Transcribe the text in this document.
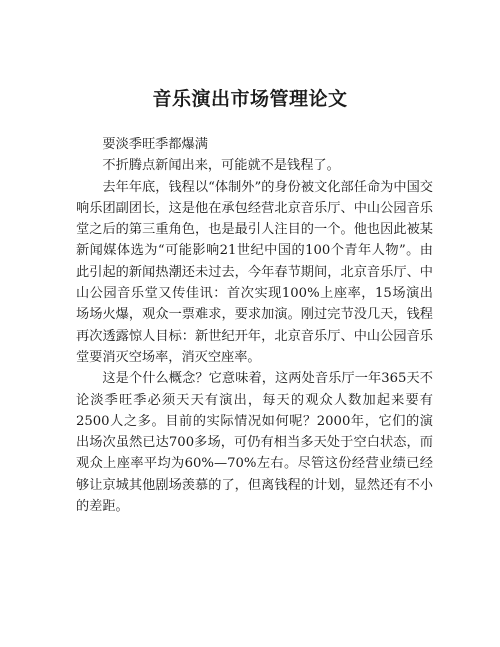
音乐演出市场管理论文

要淡季旺季都爆满

不折腾点新闻出来，可能就不是钱程了。

去年年底，钱程以“体制外”的身份被文化部任命为中国交响乐团副团长，这是他在承包经营北京音乐厅、中山公园音乐堂之后的第三重角色，也是最引人注目的一个。他也因此被某新闻媒体选为“可能影响21世纪中国的100个青年人物”。由此引起的新闻热潮还未过去，今年春节期间，北京音乐厅、中山公园音乐堂又传佳讯：首次实现100%上座率，15场演出场场火爆，观众一票难求，要求加演。刚过完节没几天，钱程再次透露惊人目标：新世纪开年，北京音乐厅、中山公园音乐堂要消灭空场率，消灭空座率。

这是个什么概念？它意味着，这两处音乐厅一年365天不论淡季旺季必须天天有演出，每天的观众人数加起来要有2500人之多。目前的实际情况如何呢？2000年，它们的演出场次虽然已达700多场，可仍有相当多天处于空白状态，而观众上座率平均为60%—70%左右。尽管这份经营业绩已经够让京城其他剧场羡慕的了，但离钱程的计划，显然还有不小的差距。
